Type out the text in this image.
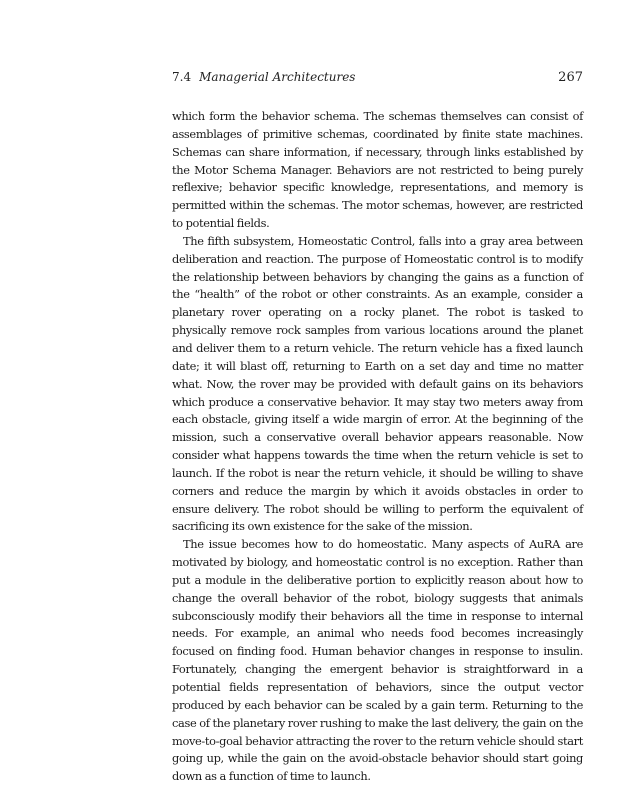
7.4 Managerial Architectures	267

which form the behavior schema. The schemas themselves can consist of assemblages of primitive schemas, coordinated by finite state machines. Schemas can share information, if necessary, through links established by the Motor Schema Manager. Behaviors are not restricted to being purely reflexive; behavior specific knowledge, representations, and memory is permitted within the schemas. The motor schemas, however, are restricted to potential fields.

The fifth subsystem, Homeostatic Control, falls into a gray area between deliberation and reaction. The purpose of Homeostatic control is to modify the relationship between behaviors by changing the gains as a function of the “health” of the robot or other constraints. As an example, consider a planetary rover operating on a rocky planet. The robot is tasked to physically remove rock samples from various locations around the planet and deliver them to a return vehicle. The return vehicle has a fixed launch date; it will blast off, returning to Earth on a set day and time no matter what. Now, the rover may be provided with default gains on its behaviors which produce a conservative behavior. It may stay two meters away from each obstacle, giving itself a wide margin of error. At the beginning of the mission, such a conservative overall behavior appears reasonable. Now consider what happens towards the time when the return vehicle is set to launch. If the robot is near the return vehicle, it should be willing to shave corners and reduce the margin by which it avoids obstacles in order to ensure delivery. The robot should be willing to perform the equivalent of sacrificing its own existence for the sake of the mission.

The issue becomes how to do homeostatic. Many aspects of AuRA are motivated by biology, and homeostatic control is no exception. Rather than put a module in the deliberative portion to explicitly reason about how to change the overall behavior of the robot, biology suggests that animals subconsciously modify their behaviors all the time in response to internal needs. For example, an animal who needs food becomes increasingly focused on finding food. Human behavior changes in response to insulin. Fortunately, changing the emergent behavior is straightforward in a potential fields representation of behaviors, since the output vector produced by each behavior can be scaled by a gain term. Returning to the case of the planetary rover rushing to make the last delivery, the gain on the move-to-goal behavior attracting the rover to the return vehicle should start going up, while the gain on the avoid-obstacle behavior should start going down as a function of time to launch.
